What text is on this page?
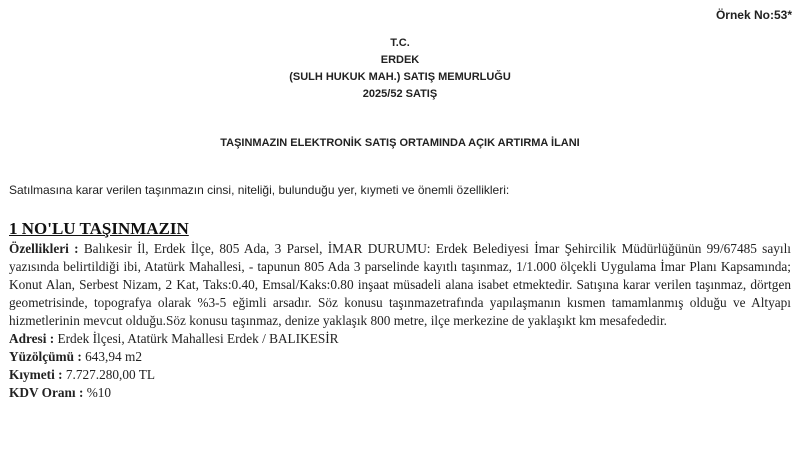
Örnek No:53*
T.C.
ERDEK
(SULH HUKUK MAH.) SATIŞ MEMURLUĞU
2025/52 SATIŞ
TAŞINMAZIN ELEKTRONİK SATIŞ ORTAMINDA AÇIK ARTIRMA İLANI
Satılmasına karar verilen taşınmazın cinsi, niteliği, bulunduğu yer, kıymeti ve önemli özellikleri:
1 NO'LU TAŞINMAZIN

Özellikleri : Balıkesir İl, Erdek İlçe, 805 Ada, 3 Parsel, İMAR DURUMU: Erdek Belediyesi İmar Şehircilik Müdürlüğünün 99/67485 sayılı yazısında belirtildiği ibi, Atatürk Mahallesi, - tapunun 805 Ada 3 parselinde kayıtlı taşınmaz, 1/1.000 ölçekli Uygulama İmar Planı Kapsamında; Konut Alan, Serbest Nizam, 2 Kat, Taks:0.40, Emsal/Kaks:0.80 inşaat müsadeli alana isabet etmektedir. Satışına karar verilen taşınmaz, dörtgen geometrisinde, topografya olarak %3-5 eğimli arsadır. Söz konusu taşınmazetrafında yapılaşmanın kısmen tamamlanmış olduğu ve Altyapı hizmetlerinin mevcut olduğu.Söz konusu taşınmaz, denize yaklaşık 800 metre, ilçe merkezine de yaklaşıkt km mesafededir.

Adresi : Erdek İlçesi, Atatürk Mahallesi Erdek / BALIKESİR

Yüzölçümü : 643,94 m2

Kıymeti : 7.727.280,00 TL

KDV Oranı : %10
